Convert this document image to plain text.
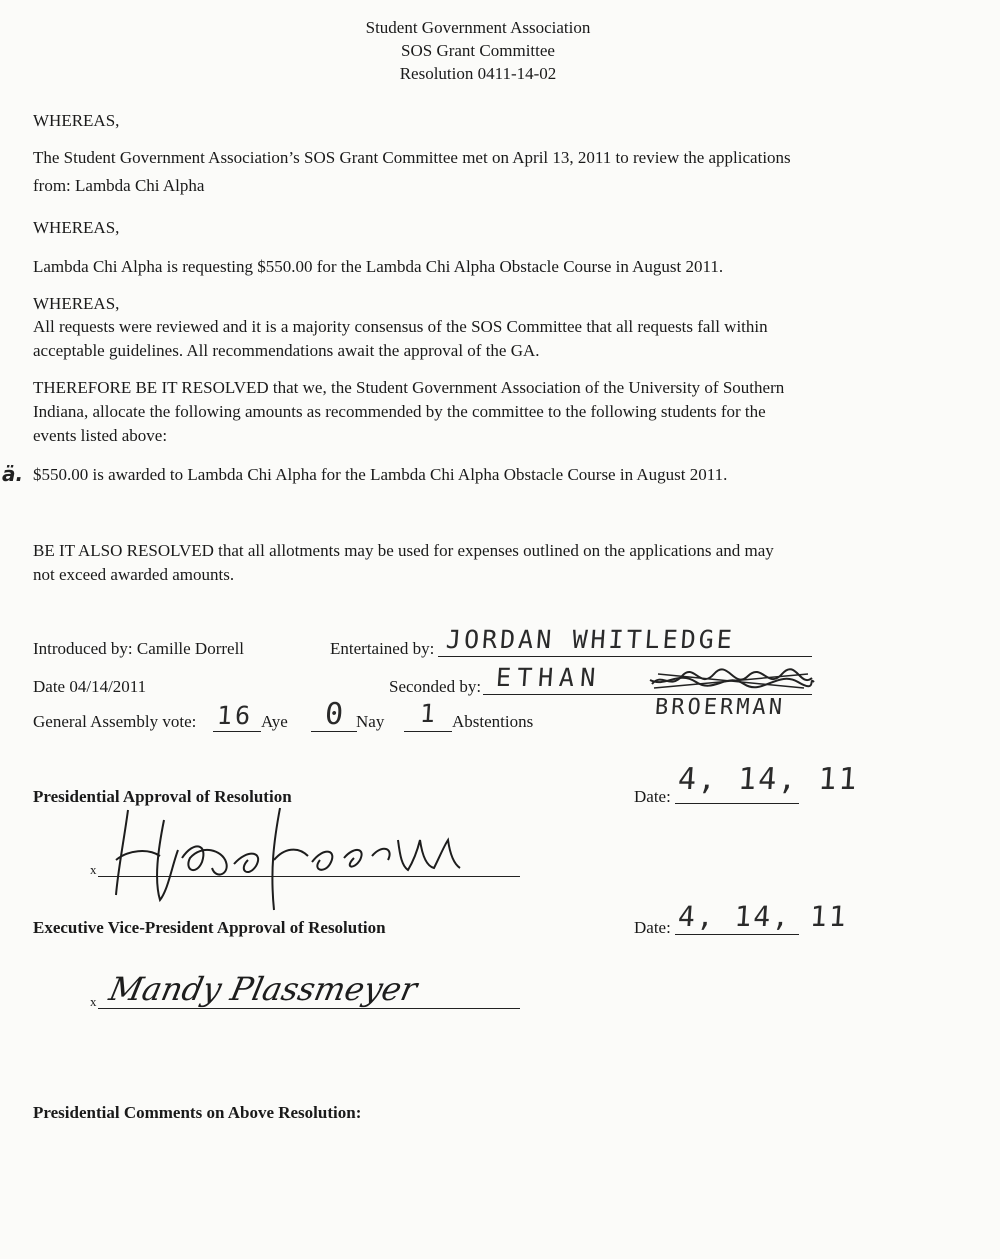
Student Government Association
SOS Grant Committee
Resolution 0411-14-02
WHEREAS,
The Student Government Association’s SOS Grant Committee met on April 13, 2011 to review the applications
from: Lambda Chi Alpha
WHEREAS,
Lambda Chi Alpha is requesting $550.00 for the Lambda Chi Alpha Obstacle Course in August 2011.
WHEREAS,
All requests were reviewed and it is a majority consensus of the SOS Committee that all requests fall within
acceptable guidelines. All recommendations await the approval of the GA.
THEREFORE BE IT RESOLVED that we, the Student Government Association of the University of Southern
Indiana, allocate the following amounts as recommended by the committee to the following students for the
events listed above:
ä. $550.00 is awarded to Lambda Chi Alpha for the Lambda Chi Alpha Obstacle Course in August 2011.
BE IT ALSO RESOLVED that all allotments may be used for expenses outlined on the applications and may
not exceed awarded amounts.
Introduced by: Camille Dorrell	Entertained by: JORDAN WHITLEDGE
Date 04/14/2011	Seconded by: ETHAN
BROERMAN
General Assembly vote: 16 Aye 0 Nay 1 Abstentions
Presidential Approval of Resolution	Date: 4, 14, 11
x
Executive Vice-President Approval of Resolution	Date: 4, 14, 11
x Mandy Plassmeyer
Presidential Comments on Above Resolution:
